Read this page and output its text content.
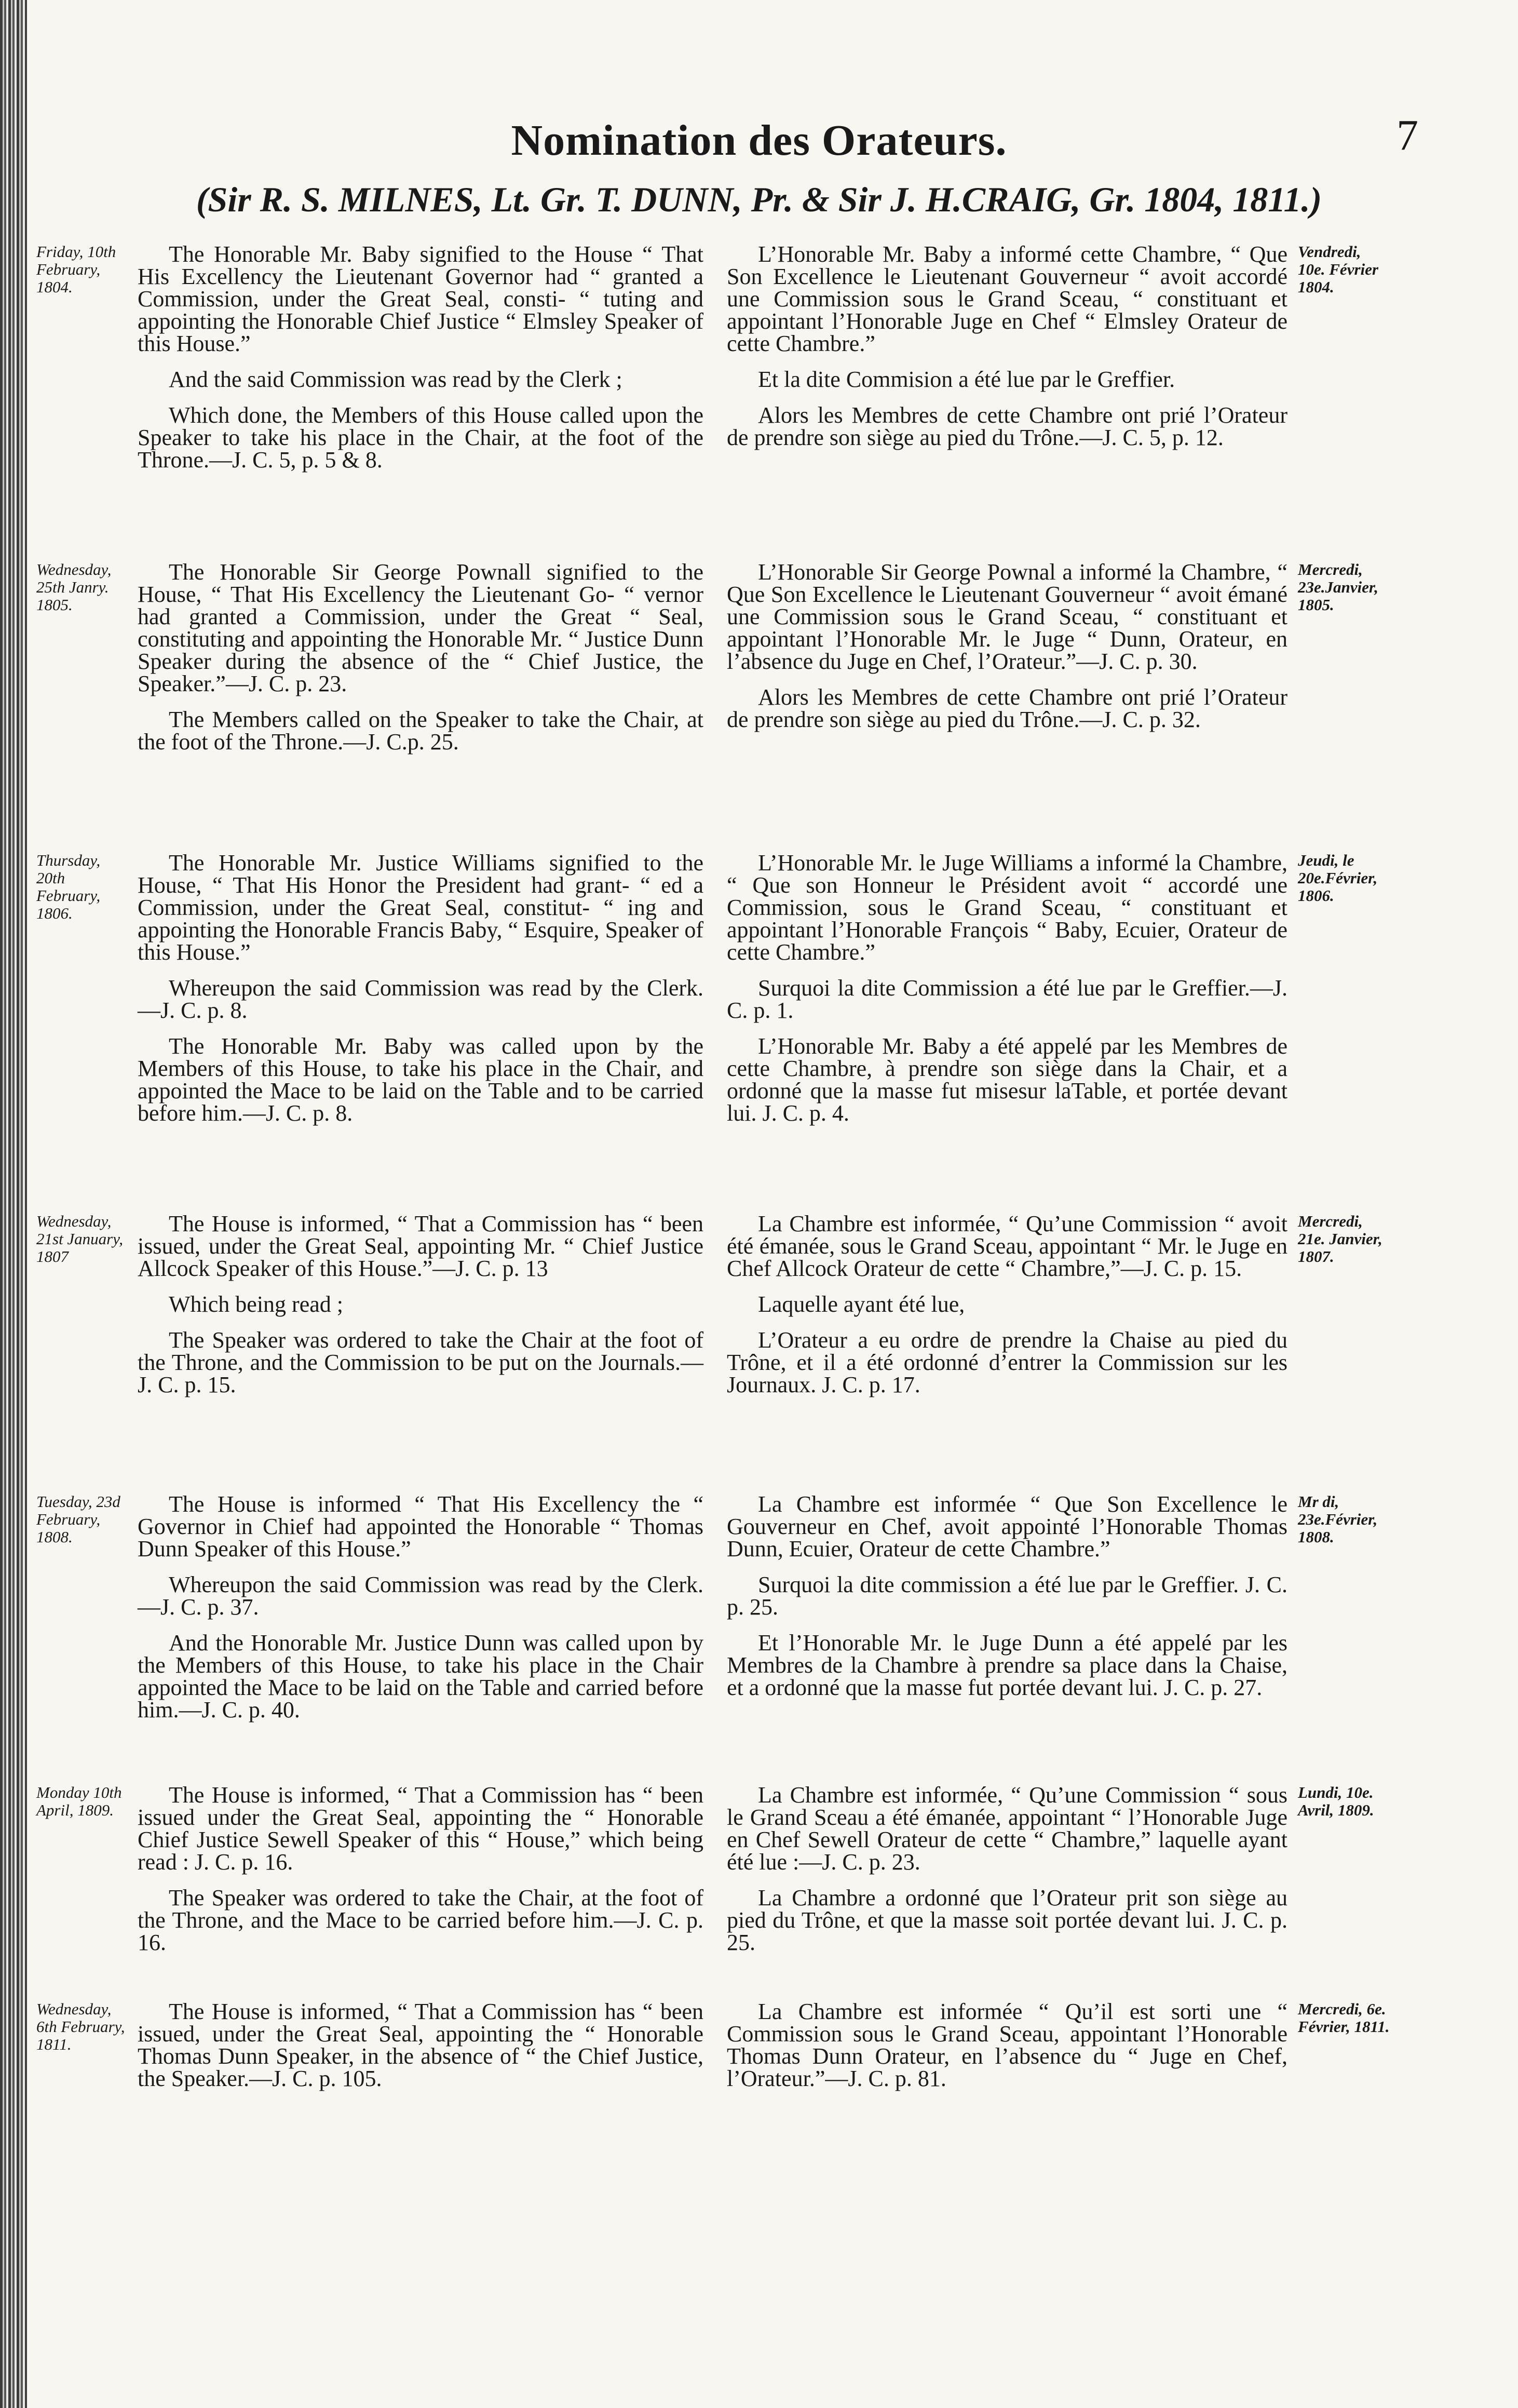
Nomination des Orateurs.	7
(Sir R. S. MILNES, Lt. Gr. T. DUNN, Pr. & Sir J. H.CRAIG, Gr. 1804, 1811.)
Friday, 10th February, 1804.

The Honorable Mr. Baby signified to the House “ That His Excellency the Lieutenant Governor had “ granted a Commission, under the Great Seal, consti- “ tuting and appointing the Honorable Chief Justice “ Elmsley Speaker of this House.”

And the said Commission was read by the Clerk ;

Which done, the Members of this House called upon the Speaker to take his place in the Chair, at the foot of the Throne.—J. C. 5, p. 5 & 8.

L’Honorable Mr. Baby a informé cette Chambre, “ Que Son Excellence le Lieutenant Gouverneur “ avoit accordé une Commission sous le Grand Sceau, “ constituant et appointant l’Honorable Juge en Chef “ Elmsley Orateur de cette Chambre.”

Et la dite Commision a été lue par le Greffier.

Alors les Membres de cette Chambre ont prié l’Orateur de prendre son siège au pied du Trône.—J. C. 5, p. 12.

Vendredi, 10e. Février 1804.
Wednesday, 25th Janry. 1805.

The Honorable Sir George Pownall signified to the House, “ That His Excellency the Lieutenant Go- “ vernor had granted a Commission, under the Great “ Seal, constituting and appointing the Honorable Mr. “ Justice Dunn Speaker during the absence of the “ Chief Justice, the Speaker.”—J. C. p. 23.

The Members called on the Speaker to take the Chair, at the foot of the Throne.—J. C.p. 25.

L’Honorable Sir George Pownal a informé la Chambre, “ Que Son Excellence le Lieutenant Gouverneur “ avoit émané une Commission sous le Grand Sceau, “ constituant et appointant l’Honorable Mr. le Juge “ Dunn, Orateur, en l’absence du Juge en Chef, l’Orateur.”—J. C. p. 30.

Alors les Membres de cette Chambre ont prié l’Orateur de prendre son siège au pied du Trône.—J. C. p. 32.

Mercredi, 23e.Janvier, 1805.
Thursday, 20th February, 1806.

The Honorable Mr. Justice Williams signified to the House, “ That His Honor the President had grant- “ ed a Commission, under the Great Seal, constitut- “ ing and appointing the Honorable Francis Baby, “ Esquire, Speaker of this House.”

Whereupon the said Commission was read by the Clerk.—J. C. p. 8.

The Honorable Mr. Baby was called upon by the Members of this House, to take his place in the Chair, and appointed the Mace to be laid on the Table and to be carried before him.—J. C. p. 8.

L’Honorable Mr. le Juge Williams a informé la Chambre, “ Que son Honneur le Président avoit “ accordé une Commission, sous le Grand Sceau, “ constituant et appointant l’Honorable François “ Baby, Ecuier, Orateur de cette Chambre.”

Surquoi la dite Commission a été lue par le Greffier.—J. C. p. 1.

L’Honorable Mr. Baby a été appelé par les Membres de cette Chambre, à prendre son siège dans la Chair, et a ordonné que la masse fut misesur laTable, et portée devant lui. J. C. p. 4.

Jeudi, le 20e.Février, 1806.
Wednesday, 21st January, 1807

The House is informed, “ That a Commission has “ been issued, under the Great Seal, appointing Mr. “ Chief Justice Allcock Speaker of this House.”—J. C. p. 13

Which being read ;

The Speaker was ordered to take the Chair at the foot of the Throne, and the Commission to be put on the Journals.—J. C. p. 15.

La Chambre est informée, “ Qu’une Commission “ avoit été émanée, sous le Grand Sceau, appointant “ Mr. le Juge en Chef Allcock Orateur de cette “ Chambre,”—J. C. p. 15.

Laquelle ayant été lue,

L’Orateur a eu ordre de prendre la Chaise au pied du Trône, et il a été ordonné d’entrer la Commission sur les Journaux. J. C. p. 17.

Mercredi, 21e. Janvier, 1807.
Tuesday, 23d February, 1808.

The House is informed “ That His Excellency the “ Governor in Chief had appointed the Honorable “ Thomas Dunn Speaker of this House.”

Whereupon the said Commission was read by the Clerk.—J. C. p. 37.

And the Honorable Mr. Justice Dunn was called upon by the Members of this House, to take his place in the Chair appointed the Mace to be laid on the Table and carried before him.—J. C. p. 40.

La Chambre est informée “ Que Son Excellence le Gouverneur en Chef, avoit appointé l’Honorable Thomas Dunn, Ecuier, Orateur de cette Chambre.”

Surquoi la dite commission a été lue par le Greffier. J. C. p. 25.

Et l’Honorable Mr. le Juge Dunn a été appelé par les Membres de la Chambre à prendre sa place dans la Chaise, et a ordonné que la masse fut portée devant lui. J. C. p. 27.

Mr di, 23e.Février, 1808.
Monday 10th April, 1809.

The House is informed, “ That a Commission has “ been issued under the Great Seal, appointing the “ Honorable Chief Justice Sewell Speaker of this “ House,” which being read : J. C. p. 16.

The Speaker was ordered to take the Chair, at the foot of the Throne, and the Mace to be carried before him.—J. C. p. 16.

La Chambre est informée, “ Qu’une Commission “ sous le Grand Sceau a été émanée, appointant “ l’Honorable Juge en Chef Sewell Orateur de cette “ Chambre,” laquelle ayant été lue :—J. C. p. 23.

La Chambre a ordonné que l’Orateur prit son siège au pied du Trône, et que la masse soit portée devant lui. J. C. p. 25.

Lundi, 10e. Avril, 1809.
Wednesday, 6th February, 1811.

The House is informed, “ That a Commission has “ been issued, under the Great Seal, appointing the “ Honorable Thomas Dunn Speaker, in the absence of “ the Chief Justice, the Speaker.—J. C. p. 105.

La Chambre est informée “ Qu’il est sorti une “ Commission sous le Grand Sceau, appointant l’Honorable Thomas Dunn Orateur, en l’absence du “ Juge en Chef, l’Orateur.”—J. C. p. 81.

Mercredi, 6e. Février, 1811.
